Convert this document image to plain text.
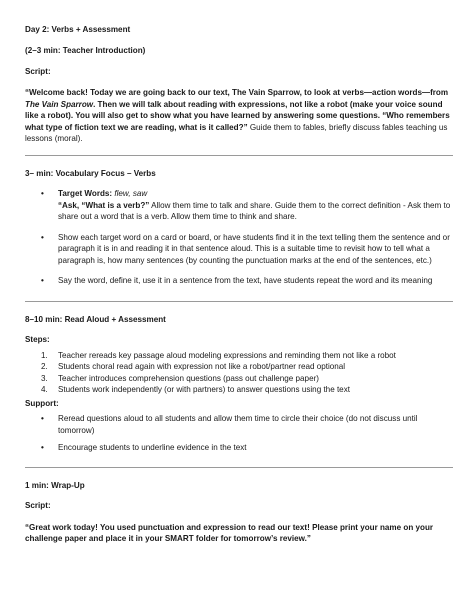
Day 2: Verbs + Assessment

(2–3 min: Teacher Introduction)

Script:

“Welcome back! Today we are going back to our text, The Vain Sparrow, to look at verbs—action words—from The Vain Sparrow. Then we will talk about reading with expressions, not like a robot (make your voice sound like a robot). You will also get to show what you have learned by answering some questions. “Who remembers what type of fiction text we are reading, what is it called?” Guide them to fables, briefly discuss fables teaching us lessons (moral).

3– min: Vocabulary Focus – Verbs

• Target Words: flew, saw
“Ask, “What is a verb?” Allow them time to talk and share. Guide them to the correct definition - Ask them to share out a word that is a verb. Allow them time to think and share.
• Show each target word on a card or board, or have students find it in the text telling them the sentence and or paragraph it is in and reading it in that sentence aloud. This is a suitable time to revisit how to tell what a paragraph is, how many sentences (by counting the punctuation marks at the end of the sentences, etc.)
• Say the word, define it, use it in a sentence from the text, have students repeat the word and its meaning

8–10 min: Read Aloud + Assessment

Steps:

1. Teacher rereads key passage aloud modeling expressions and reminding them not like a robot
2. Students choral read again with expression not like a robot/partner read optional
3. Teacher introduces comprehension questions (pass out challenge paper)
4. Students work independently (or with partners) to answer questions using the text

Support:

• Reread questions aloud to all students and allow them time to circle their choice (do not discuss until tomorrow)
• Encourage students to underline evidence in the text

1 min: Wrap-Up

Script:

“Great work today! You used punctuation and expression to read our text! Please print your name on your challenge paper and place it in your SMART folder for tomorrow’s review.”
